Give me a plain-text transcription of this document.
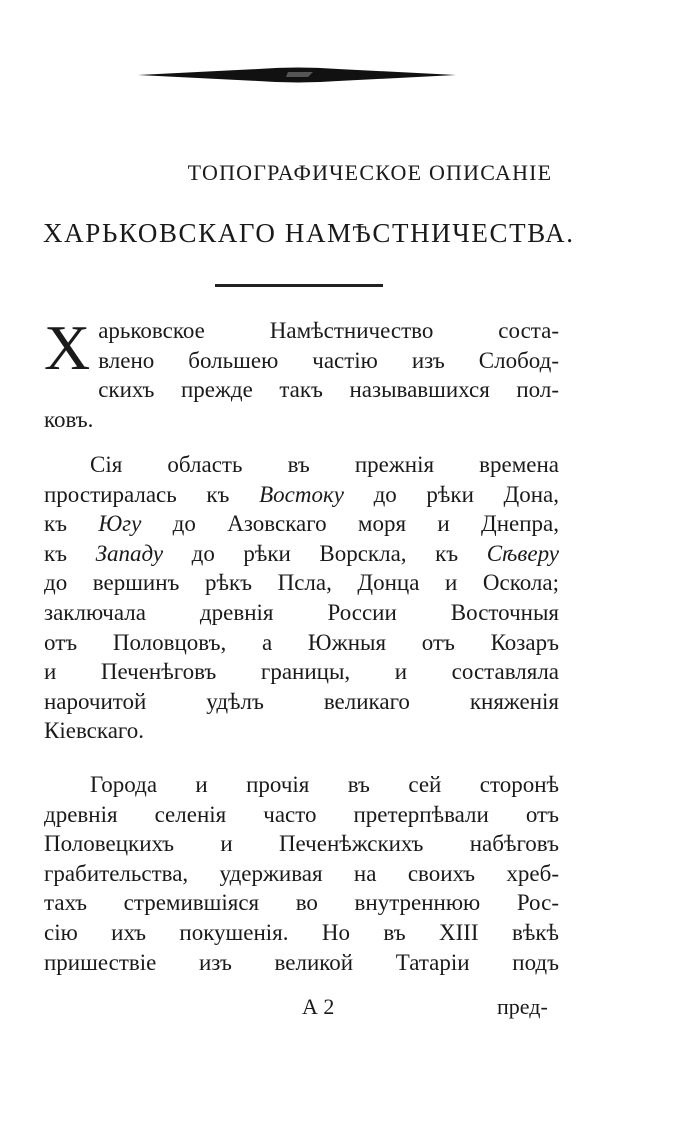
ТОПОГРАФИЧЕСКОЕ ОПИСАНІЕ
ХАРЬКОВСКАГО НАМѢСТНИЧЕСТВА.
Х арьковское Намѣстничество соста-
влено большею частію изъ Слобод-
скихъ прежде такъ называвшихся пол-
ковъ.
Сія область въ прежнія времена
простиралась къ Востоку до рѣки Дона,
къ Югу до Азовскаго моря и Днепра,
къ Западу до рѣки Ворскла, къ Сѣверу
до вершинъ рѣкъ Псла, Донца и Оскола;
заключала древнія России Восточныя
отъ Половцовъ, а Южныя отъ Козаръ
и Печенѣговъ границы, и составляла
нарочитой удѣлъ великаго княженія
Кіевскаго.
Города и прочія въ сей сторонѣ
древнія селенія часто претерпѣвали отъ
Половецкихъ и Печенѣжскихъ набѣговъ
грабительства, удерживая на своихъ хреб-
тахъ стремившіяся во внутреннюю Рос-
сію ихъ покушенія. Но въ XIII вѣкѣ
пришествіе изъ великой Татаріи подъ
А 2	пред-
